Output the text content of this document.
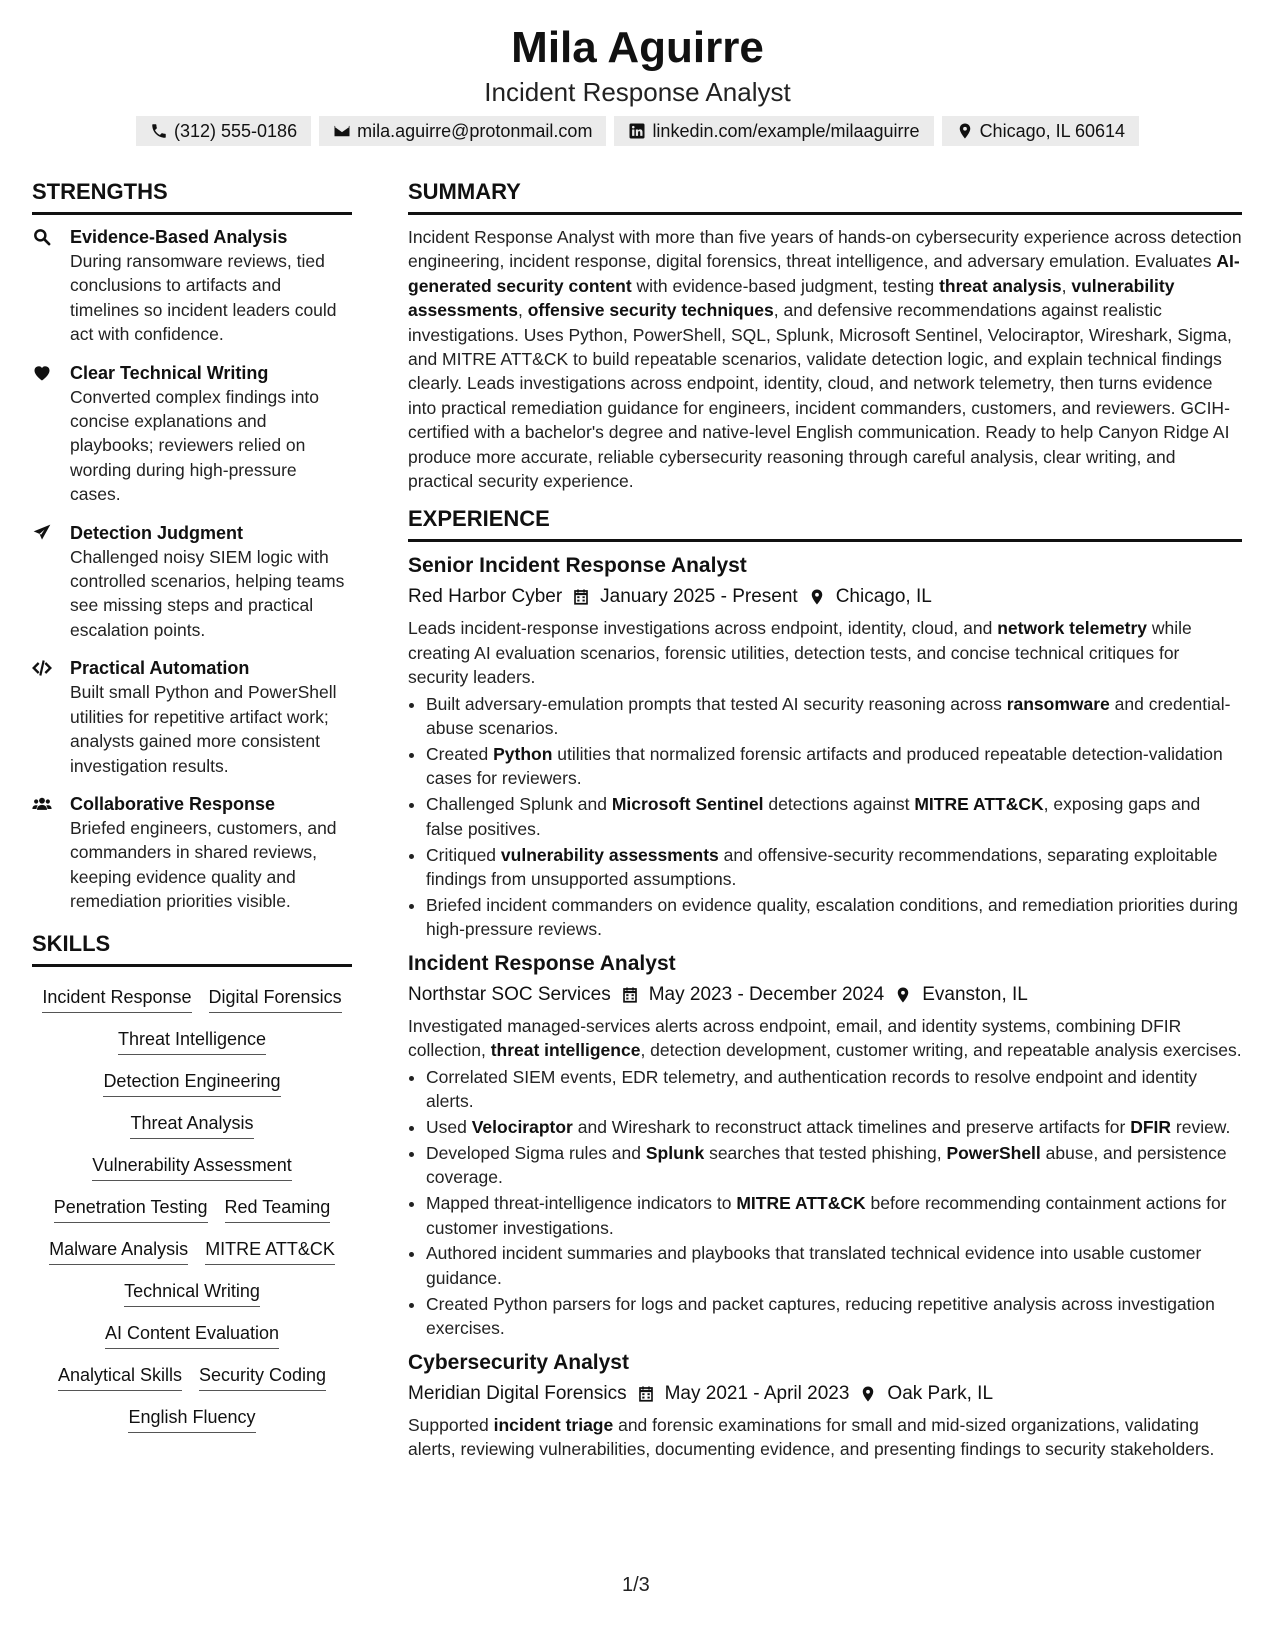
Mila Aguirre
Incident Response Analyst
(312) 555-0186	mila.aguirre@protonmail.com	linkedin.com/example/milaaguirre	Chicago, IL 60614
STRENGTHS
Evidence-Based Analysis

During ransomware reviews, tied conclusions to artifacts and timelines so incident leaders could act with confidence.

Clear Technical Writing

Converted complex findings into concise explanations and playbooks; reviewers relied on wording during high-pressure cases.

Detection Judgment

Challenged noisy SIEM logic with controlled scenarios, helping teams see missing steps and practical escalation points.

Practical Automation

Built small Python and PowerShell utilities for repetitive artifact work; analysts gained more consistent investigation results.

Collaborative Response

Briefed engineers, customers, and commanders in shared reviews, keeping evidence quality and remediation priorities visible.

SKILLS
Incident Response Digital Forensics
Threat Intelligence
Detection Engineering
Threat Analysis
Vulnerability Assessment
Penetration Testing Red Teaming
Malware Analysis MITRE ATT&CK
Technical Writing
AI Content Evaluation
Analytical Skills Security Coding
English Fluency
SUMMARY
Incident Response Analyst with more than five years of hands-on cybersecurity experience across detection engineering, incident response, digital forensics, threat intelligence, and adversary emulation. Evaluates AI-generated security content with evidence-based judgment, testing threat analysis, vulnerability assessments, offensive security techniques, and defensive recommendations against realistic investigations. Uses Python, PowerShell, SQL, Splunk, Microsoft Sentinel, Velociraptor, Wireshark, Sigma, and MITRE ATT&CK to build repeatable scenarios, validate detection logic, and explain technical findings clearly. Leads investigations across endpoint, identity, cloud, and network telemetry, then turns evidence into practical remediation guidance for engineers, incident commanders, customers, and reviewers. GCIH-certified with a bachelor's degree and native-level English communication. Ready to help Canyon Ridge AI produce more accurate, reliable cybersecurity reasoning through careful analysis, clear writing, and practical security experience.
EXPERIENCE
Senior Incident Response Analyst
Red Harbor Cyber January 2025 - Present Chicago, IL
Leads incident-response investigations across endpoint, identity, cloud, and network telemetry while creating AI evaluation scenarios, forensic utilities, detection tests, and concise technical critiques for security leaders.
• Built adversary-emulation prompts that tested AI security reasoning across ransomware and credential-abuse scenarios.
• Created Python utilities that normalized forensic artifacts and produced repeatable detection-validation cases for reviewers.
• Challenged Splunk and Microsoft Sentinel detections against MITRE ATT&CK, exposing gaps and false positives.
• Critiqued vulnerability assessments and offensive-security recommendations, separating exploitable findings from unsupported assumptions.
• Briefed incident commanders on evidence quality, escalation conditions, and remediation priorities during high-pressure reviews.
Incident Response Analyst
Northstar SOC Services May 2023 - December 2024 Evanston, IL
Investigated managed-services alerts across endpoint, email, and identity systems, combining DFIR collection, threat intelligence, detection development, customer writing, and repeatable analysis exercises.
• Correlated SIEM events, EDR telemetry, and authentication records to resolve endpoint and identity alerts.
• Used Velociraptor and Wireshark to reconstruct attack timelines and preserve artifacts for DFIR review.
• Developed Sigma rules and Splunk searches that tested phishing, PowerShell abuse, and persistence coverage.
• Mapped threat-intelligence indicators to MITRE ATT&CK before recommending containment actions for customer investigations.
• Authored incident summaries and playbooks that translated technical evidence into usable customer guidance.
• Created Python parsers for logs and packet captures, reducing repetitive analysis across investigation exercises.
Cybersecurity Analyst
Meridian Digital Forensics May 2021 - April 2023 Oak Park, IL
Supported incident triage and forensic examinations for small and mid-sized organizations, validating alerts, reviewing vulnerabilities, documenting evidence, and presenting findings to security stakeholders.
1/3
